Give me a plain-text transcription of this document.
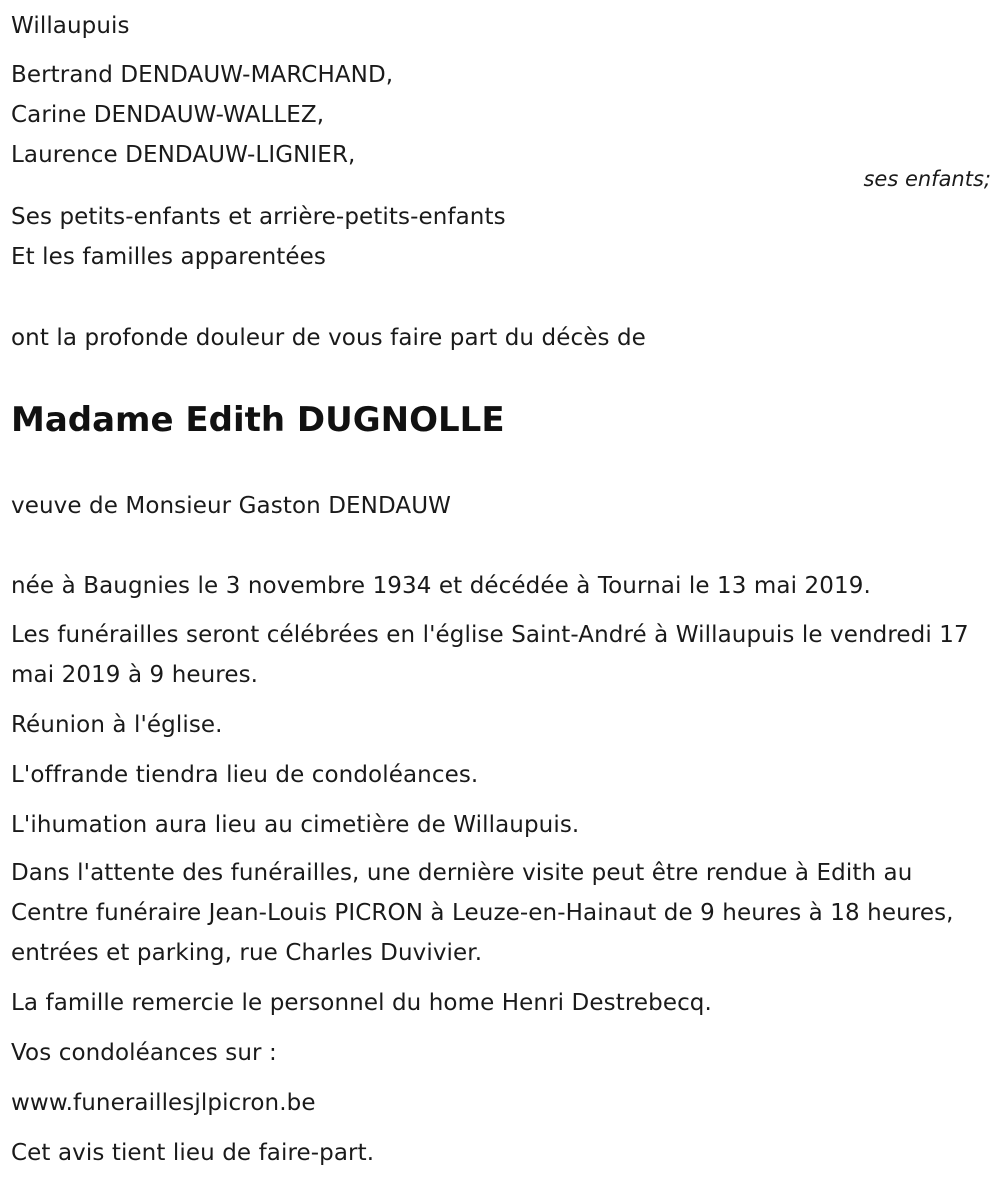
Willaupuis
Bertrand DENDAUW-MARCHAND,
Carine DENDAUW-WALLEZ,
Laurence DENDAUW-LIGNIER,
ses enfants;
Ses petits-enfants et arrière-petits-enfants
Et les familles apparentées
ont la profonde douleur de vous faire part du décès de
Madame Edith DUGNOLLE
veuve de Monsieur Gaston DENDAUW
née à Baugnies le 3 novembre 1934 et décédée à Tournai le 13 mai 2019.
Les funérailles seront célébrées en l'église Saint-André à Willaupuis le vendredi 17 mai 2019 à 9 heures.
Réunion à l'église.
L'offrande tiendra lieu de condoléances.
L'ihumation aura lieu au cimetière de Willaupuis.
Dans l'attente des funérailles, une dernière visite peut être rendue à Edith au Centre funéraire Jean-Louis PICRON à Leuze-en-Hainaut de 9 heures à 18 heures, entrées et parking, rue Charles Duvivier.
La famille remercie le personnel du home Henri Destrebecq.
Vos condoléances sur :
www.funeraillesjlpicron.be
Cet avis tient lieu de faire-part.
